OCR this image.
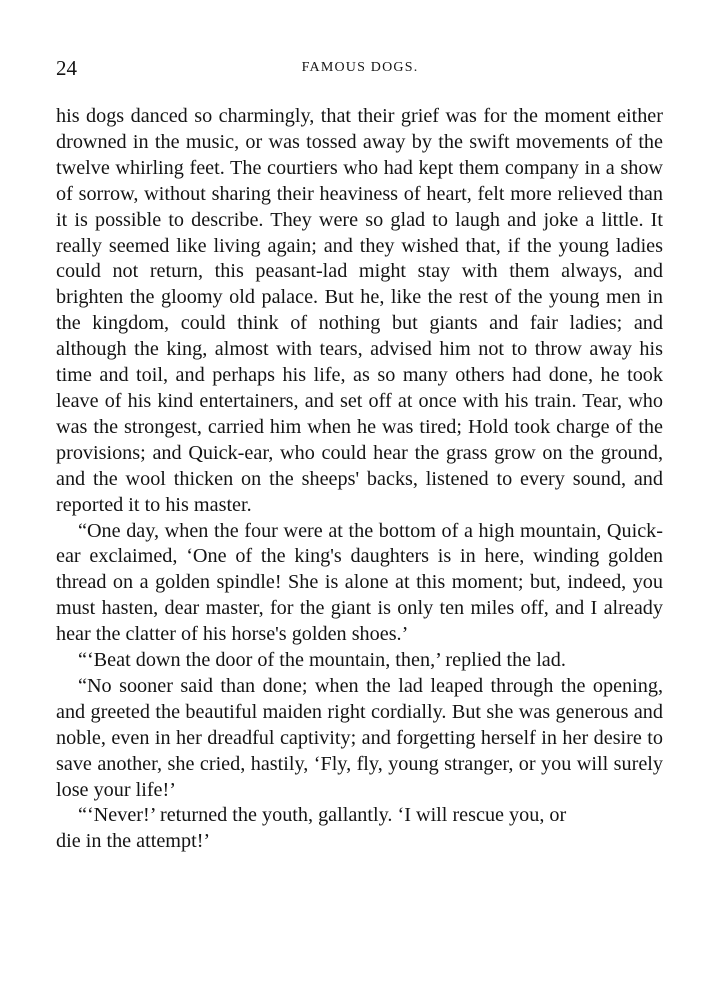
24	FAMOUS DOGS.

his dogs danced so charmingly, that their grief was for the moment either drowned in the music, or was tossed away by the swift movements of the twelve whirling feet. The courtiers who had kept them company in a show of sorrow, without sharing their heaviness of heart, felt more relieved than it is possible to describe. They were so glad to laugh and joke a little. It really seemed like living again; and they wished that, if the young ladies could not return, this peasant-lad might stay with them always, and brighten the gloomy old palace. But he, like the rest of the young men in the kingdom, could think of nothing but giants and fair ladies; and although the king, almost with tears, advised him not to throw away his time and toil, and perhaps his life, as so many others had done, he took leave of his kind entertainers, and set off at once with his train. Tear, who was the strongest, carried him when he was tired; Hold took charge of the provisions; and Quick-ear, who could hear the grass grow on the ground, and the wool thicken on the sheeps' backs, listened to every sound, and reported it to his master.

“One day, when the four were at the bottom of a high mountain, Quick-ear exclaimed, ‘One of the king's daughters is in here, winding golden thread on a golden spindle! She is alone at this moment; but, indeed, you must hasten, dear master, for the giant is only ten miles off, and I already hear the clatter of his horse's golden shoes.’

“‘Beat down the door of the mountain, then,’ replied the lad.

“No sooner said than done; when the lad leaped through the opening, and greeted the beautiful maiden right cordially. But she was generous and noble, even in her dreadful captivity; and forgetting herself in her desire to save another, she cried, hastily, ‘Fly, fly, young stranger, or you will surely lose your life!’

“‘Never!’ returned the youth, gallantly. ‘I will rescue you, or

die in the attempt!’
